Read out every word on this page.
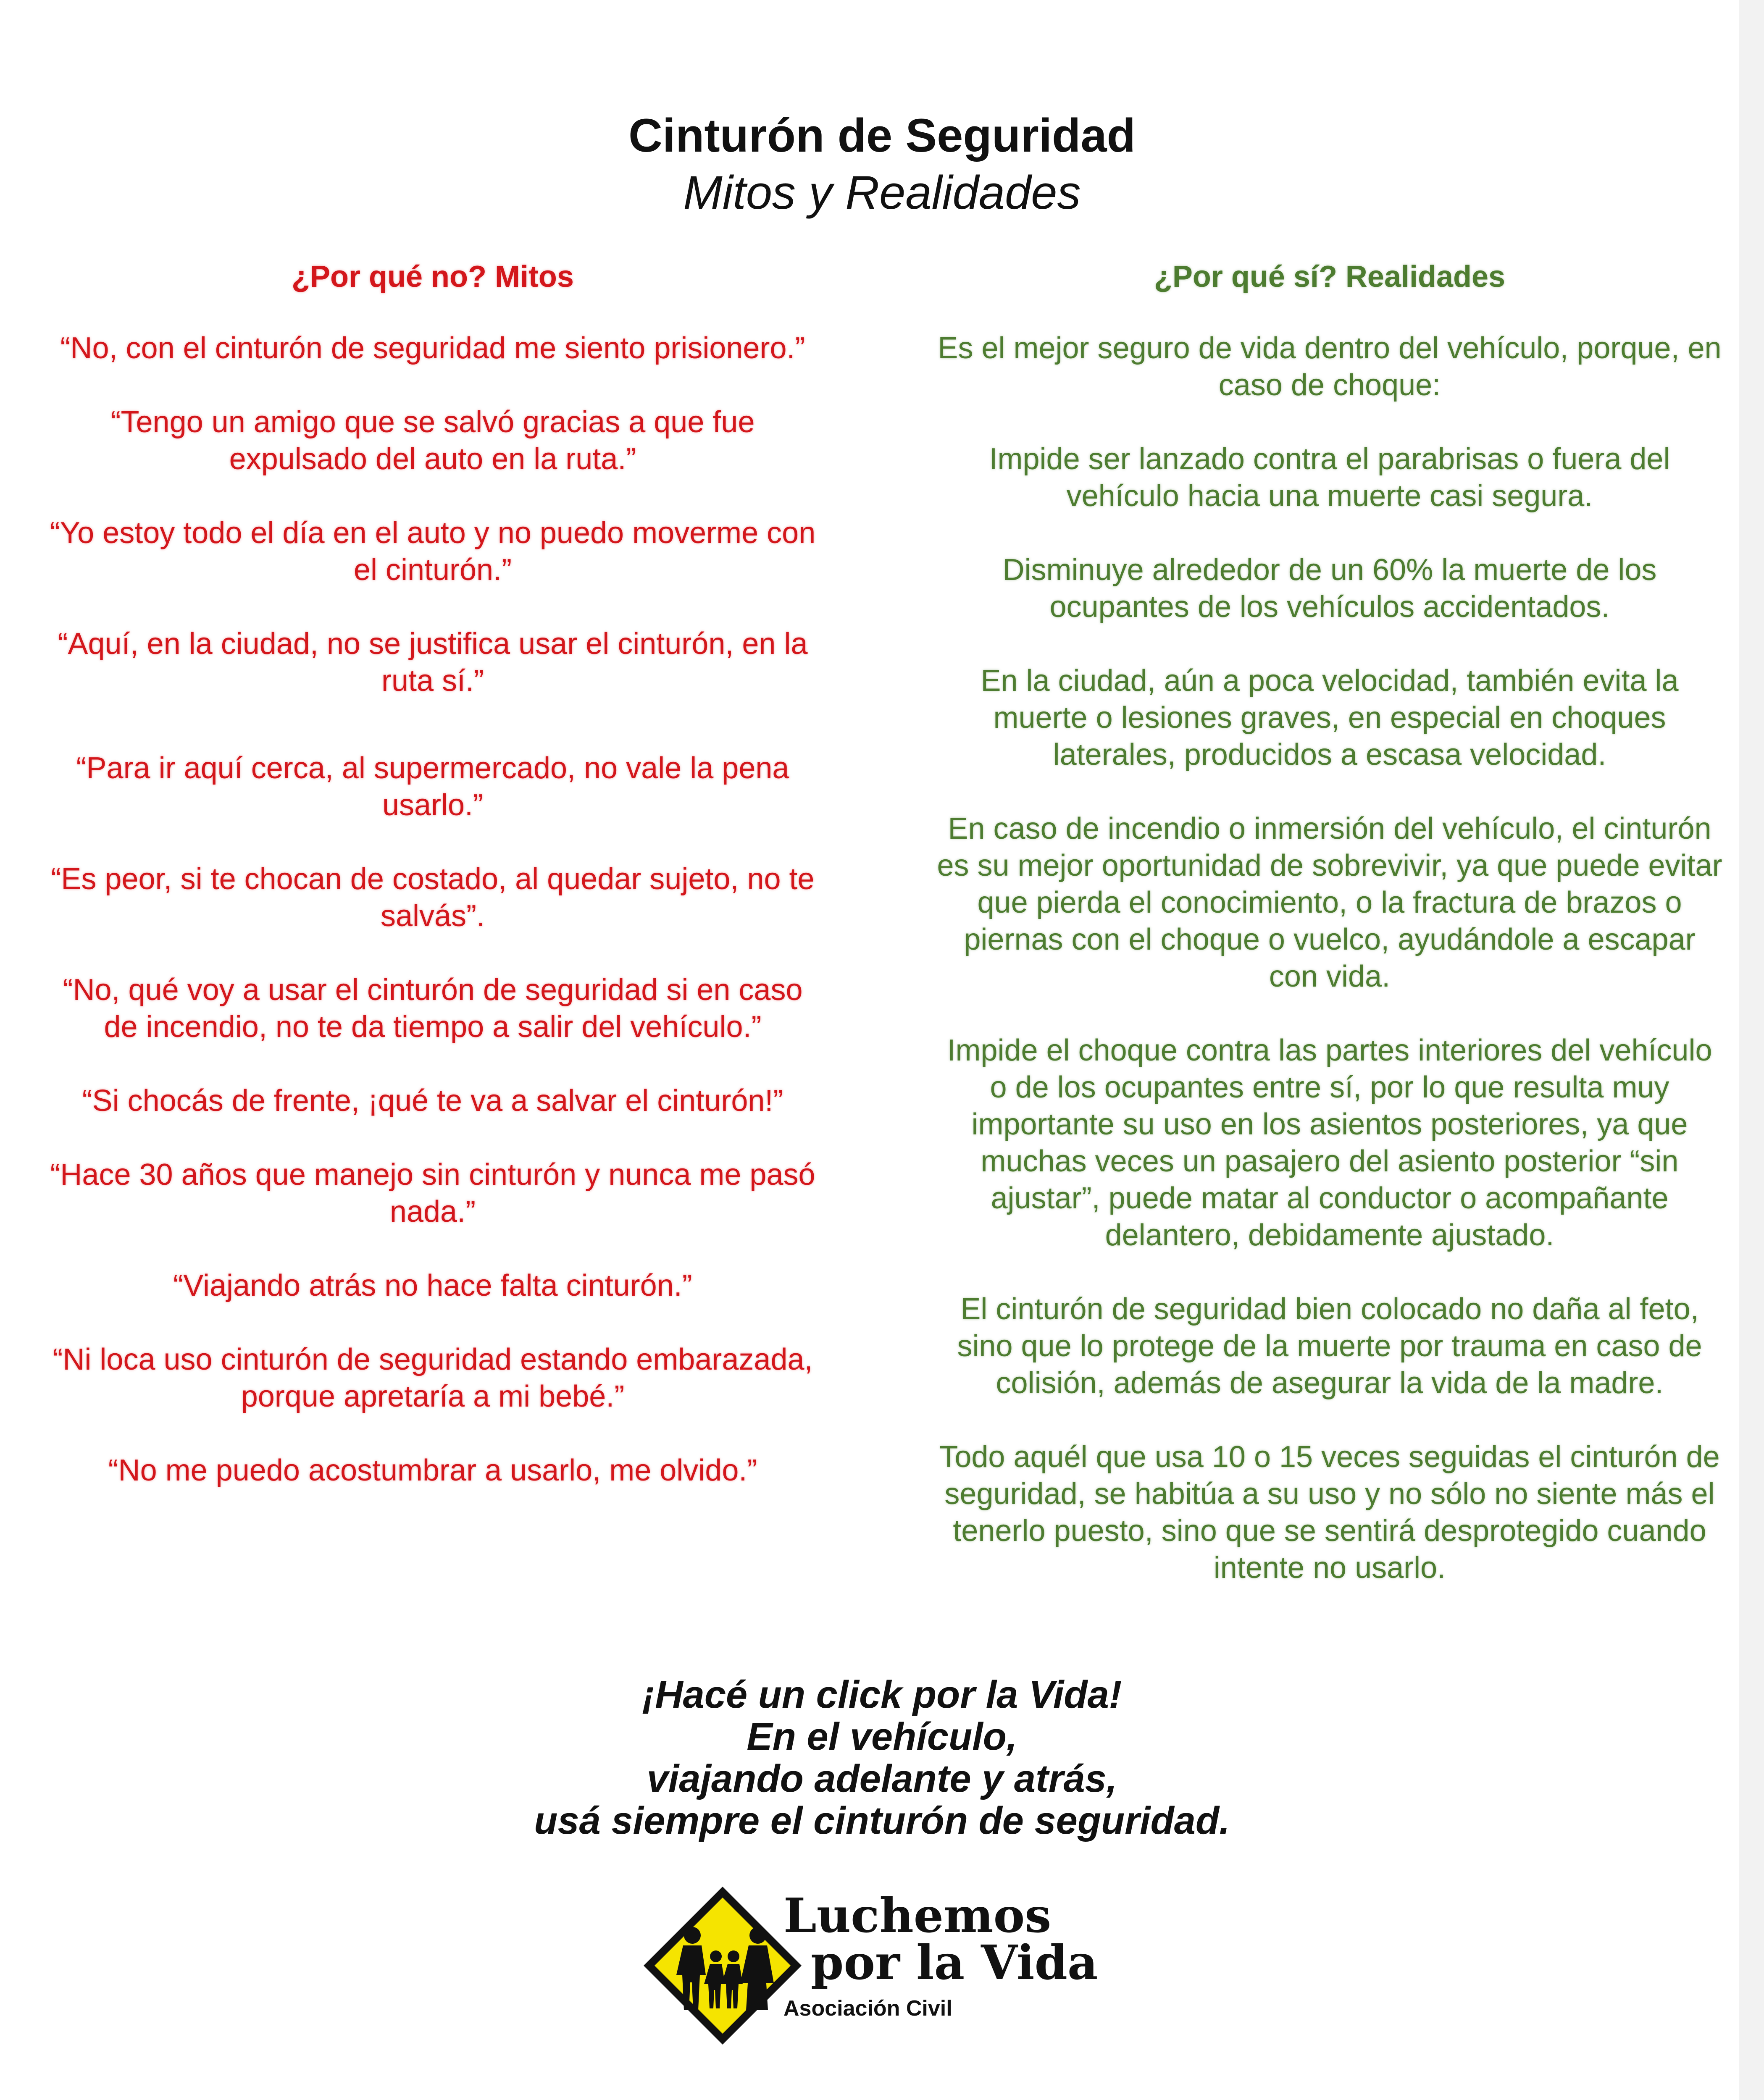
Cinturón de Seguridad
Mitos y Realidades
¿Por qué no? Mitos
“No, con el cinturón de seguridad me siento prisionero.”
“Tengo un amigo que se salvó gracias a que fue expulsado del auto en la ruta.”
“Yo estoy todo el día en el auto y no puedo moverme con el cinturón.”
“Aquí, en la ciudad, no se justifica usar el cinturón, en la ruta sí.”
“Para ir aquí cerca, al supermercado, no vale la pena usarlo.”
“Es peor, si te chocan de costado, al quedar sujeto, no te salvás”.
“No, qué voy a usar el cinturón de seguridad si en caso de incendio, no te da tiempo a salir del vehículo.”
“Si chocás de frente, ¡qué te va a salvar el cinturón!”
“Hace 30 años que manejo sin cinturón y nunca me pasó nada.”
“Viajando atrás no hace falta cinturón.”
“Ni loca uso cinturón de seguridad estando embarazada, porque apretaría a mi bebé.”
“No me puedo acostumbrar a usarlo, me olvido.”
¿Por qué sí? Realidades
Es el mejor seguro de vida dentro del vehículo, porque, en caso de choque:
Impide ser lanzado contra el parabrisas o fuera del vehículo hacia una muerte casi segura.
Disminuye alrededor de un 60% la muerte de los ocupantes de los vehículos accidentados.
En la ciudad, aún a poca velocidad, también evita la muerte o lesiones graves, en especial en choques laterales, producidos a escasa velocidad.
En caso de incendio o inmersión del vehículo, el cinturón es su mejor oportunidad de sobrevivir, ya que puede evitar que pierda el conocimiento, o la fractura de brazos o piernas con el choque o vuelco, ayudándole a escapar con vida.
Impide el choque contra las partes interiores del vehículo o de los ocupantes entre sí, por lo que resulta muy importante su uso en los asientos posteriores, ya que muchas veces un pasajero del asiento posterior “sin ajustar”, puede matar al conductor o acompañante delantero, debidamente ajustado.
El cinturón de seguridad bien colocado no daña al feto, sino que lo protege de la muerte por trauma en caso de colisión, además de asegurar la vida de la madre.
Todo aquél que usa 10 o 15 veces seguidas el cinturón de seguridad, se habitúa a su uso y no sólo no siente más el tenerlo puesto, sino que se sentirá desprotegido cuando intente no usarlo.
¡Hacé un click por la Vida!
En el vehículo,
viajando adelante y atrás,
usá siempre el cinturón de seguridad.
Luchemos
por la Vida
Asociación Civil
